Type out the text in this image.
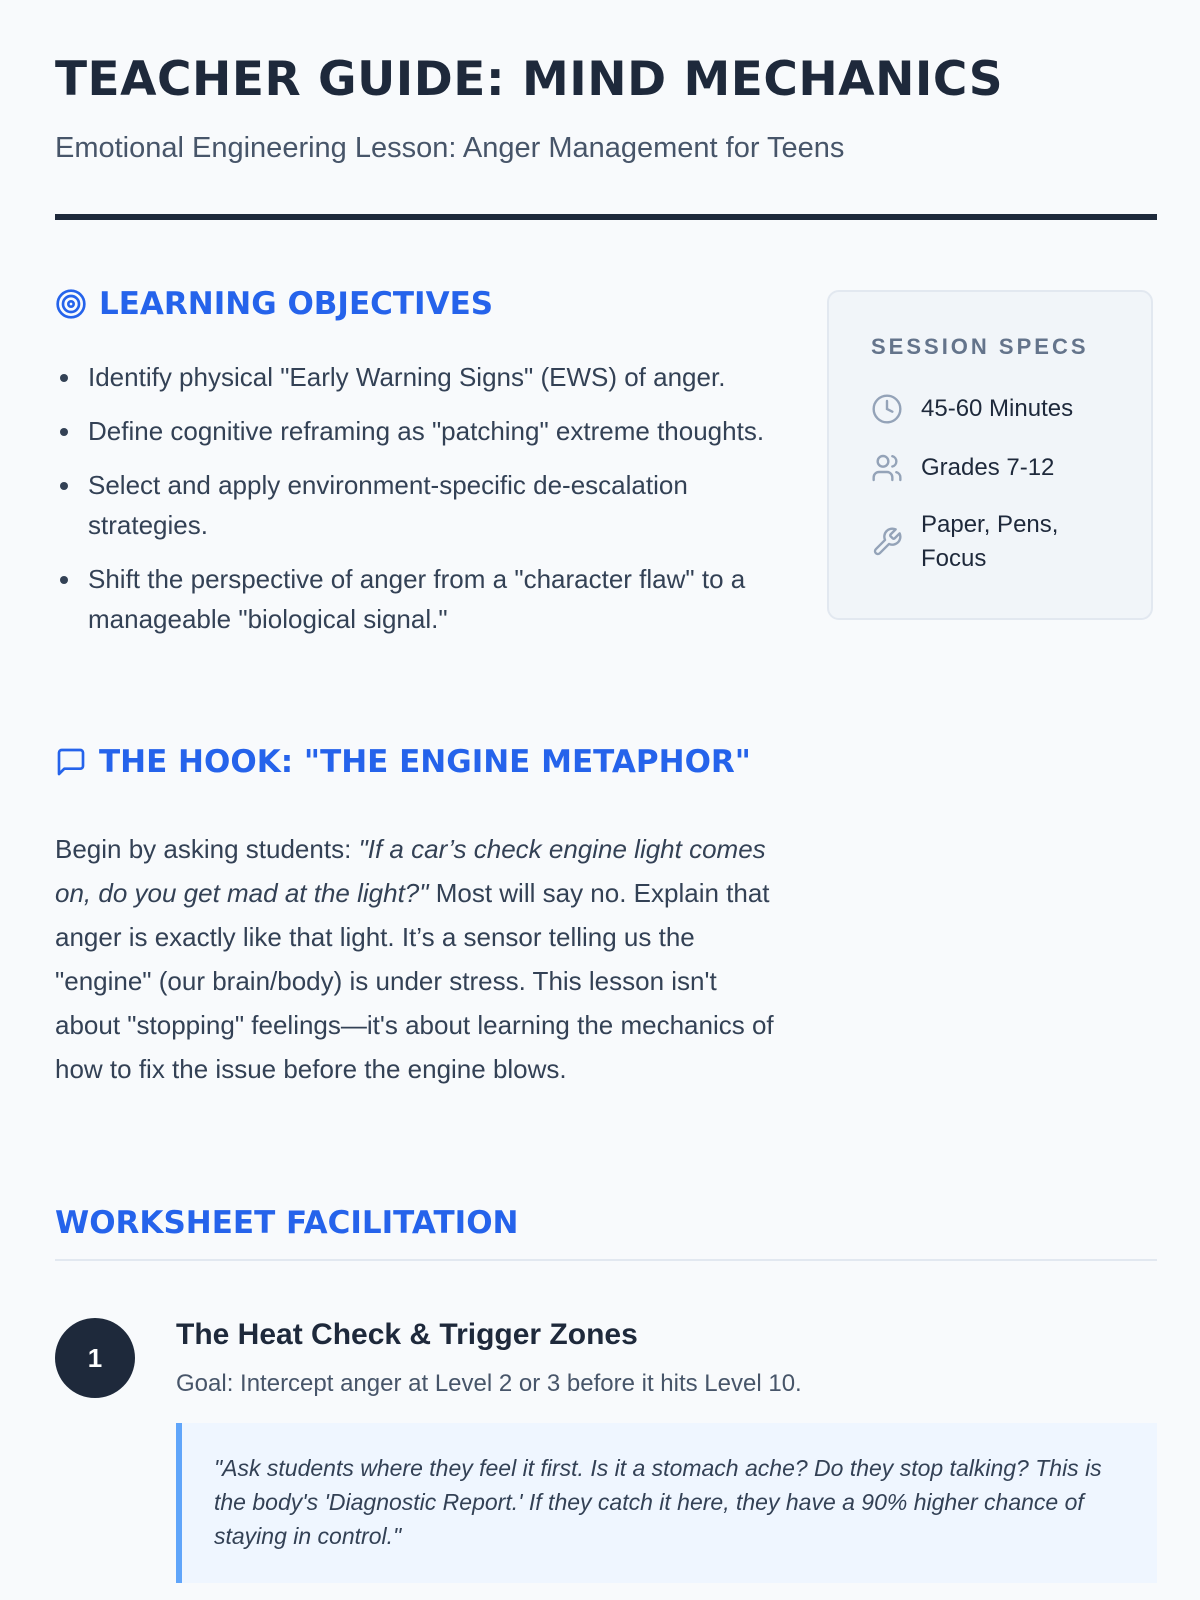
TEACHER GUIDE: MIND MECHANICS

Emotional Engineering Lesson: Anger Management for Teens

LEARNING OBJECTIVES
Identify physical "Early Warning Signs" (EWS) of anger.
Define cognitive reframing as "patching" extreme thoughts.
Select and apply environment-specific de-escalation strategies.
Shift the perspective of anger from a "character flaw" to a manageable "biological signal."
THE HOOK: "THE ENGINE METAPHOR"

Begin by asking students: "If a car’s check engine light comes on, do you get mad at the light?" Most will say no. Explain that anger is exactly like that light. It’s a sensor telling us the "engine" (our brain/body) is under stress. This lesson isn't about "stopping" feelings—it's about learning the mechanics of how to fix the issue before the engine blows.

SESSION SPECS

45-60 Minutes
Grades 7-12
Paper, Pens, Focus
WORKSHEET FACILITATION
1
The Heat Check & Trigger Zones

Goal: Intercept anger at Level 2 or 3 before it hits Level 10.

"Ask students where they feel it first. Is it a stomach ache? Do they stop talking? This is the body's 'Diagnostic Report.' If they catch it here, they have a 90% higher chance of staying in control."
